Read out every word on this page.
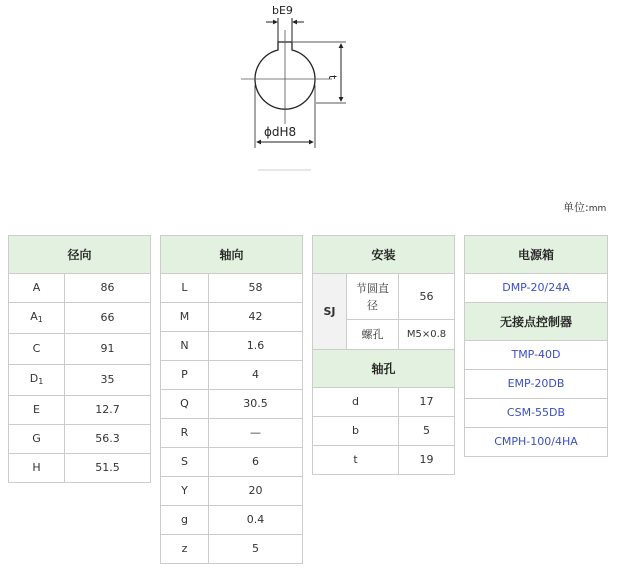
bE9
t
ϕdH8
单位:mm
径向	
A	86
$A_1$	66
C	91
$D_1$	35
E	12.7
G	56.3
H	51.5
轴向	
L	58
M	42
N	1.6
P	4
Q	30.5
R	—
S	6
Y	20
g	0.4
z	5
安装		
SJ	节圆直径	56
	螺孔	M5×0.8
轴孔		
d		17
b		5
t		19
电源箱
DMP-20/24A
无接点控制器
TMP-40D
EMP-20DB
CSM-55DB
CMPH-100/4HA
